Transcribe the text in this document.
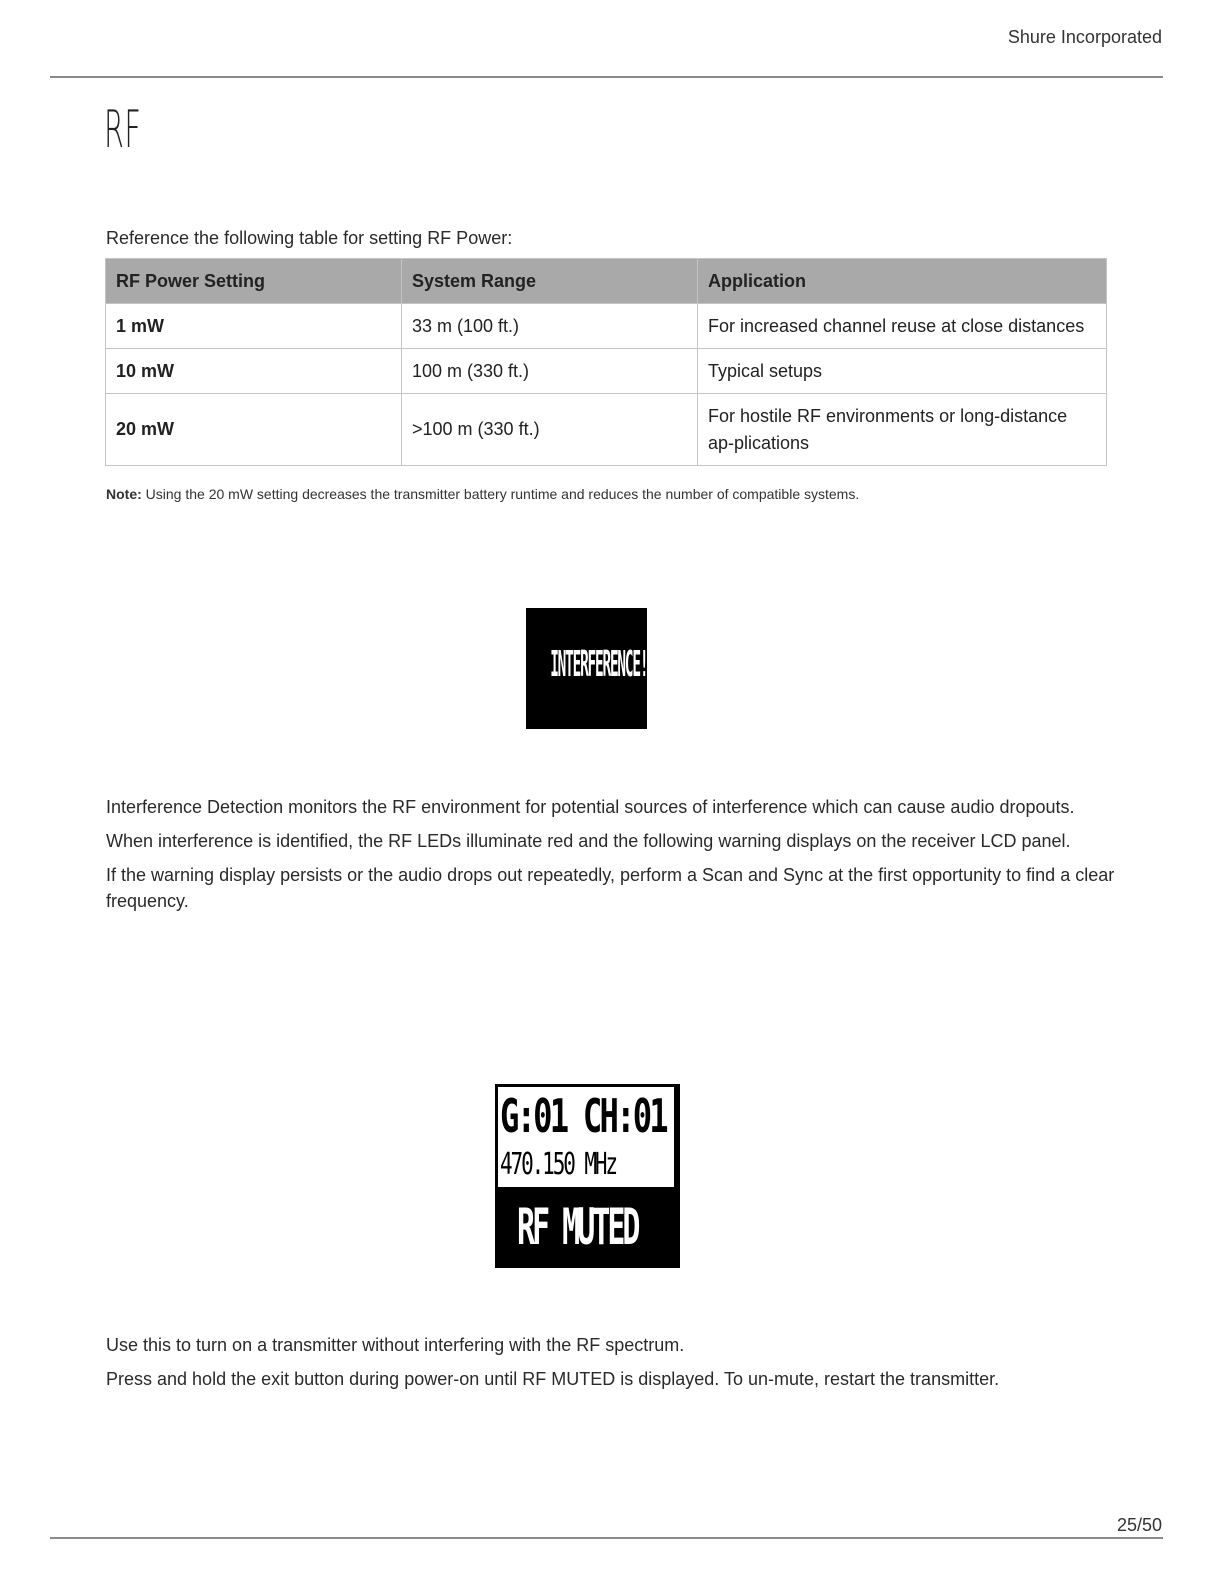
Shure Incorporated
RF

Reference the following table for setting RF Power:

RF Power Setting	System Range	Application
1 mW	33 m (100 ft.)	For increased channel reuse at close distances
10 mW	100 m (330 ft.)	Typical setups
20 mW	>100 m (330 ft.)	For hostile RF environments or long-distance ap-plications
Note: Using the 20 mW setting decreases the transmitter battery runtime and reduces the number of compatible systems.
INTERFERENCE!

Interference Detection monitors the RF environment for potential sources of interference which can cause audio dropouts.

When interference is identified, the RF LEDs illuminate red and the following warning displays on the receiver LCD panel.

If the warning display persists or the audio drops out repeatedly, perform a Scan and Sync at the first opportunity to find a clear frequency.

G:01 CH:01
470.150 MHz
RF MUTED

Use this to turn on a transmitter without interfering with the RF spectrum.

Press and hold the exit button during power-on until RF MUTED is displayed. To un-mute, restart the transmitter.

25/50
